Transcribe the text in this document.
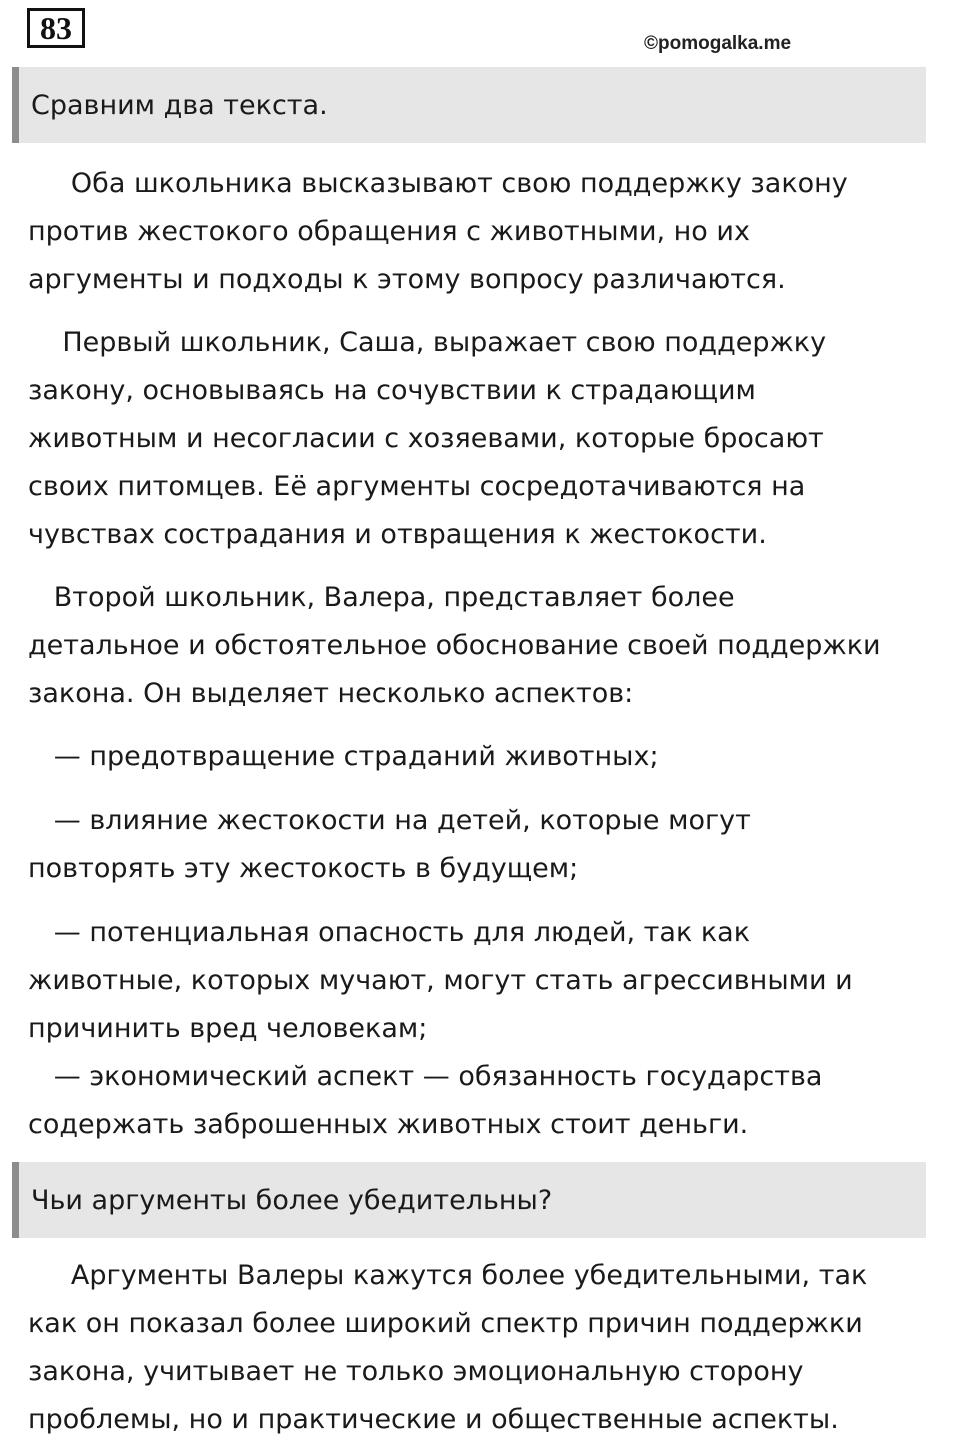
83	©pomogalka.me
Сравним два текста.
Оба школьника высказывают свою поддержку закону
против жестокого обращения с животными, но их
аргументы и подходы к этому вопросу различаются.
Первый школьник, Саша, выражает свою поддержку
закону, основываясь на сочувствии к страдающим
животным и несогласии с хозяевами, которые бросают
своих питомцев. Её аргументы сосредотачиваются на
чувствах сострадания и отвращения к жестокости.
Второй школьник, Валера, представляет более
детальное и обстоятельное обоснование своей поддержки
закона. Он выделяет несколько аспектов:
— предотвращение страданий животных;
— влияние жестокости на детей, которые могут
повторять эту жестокость в будущем;
— потенциальная опасность для людей, так как
животные, которых мучают, могут стать агрессивными и
причинить вред человекам;
— экономический аспект — обязанность государства
содержать заброшенных животных стоит деньги.
Чьи аргументы более убедительны?
Аргументы Валеры кажутся более убедительными, так
как он показал более широкий спектр причин поддержки
закона, учитывает не только эмоциональную сторону
проблемы, но и практические и общественные аспекты.
